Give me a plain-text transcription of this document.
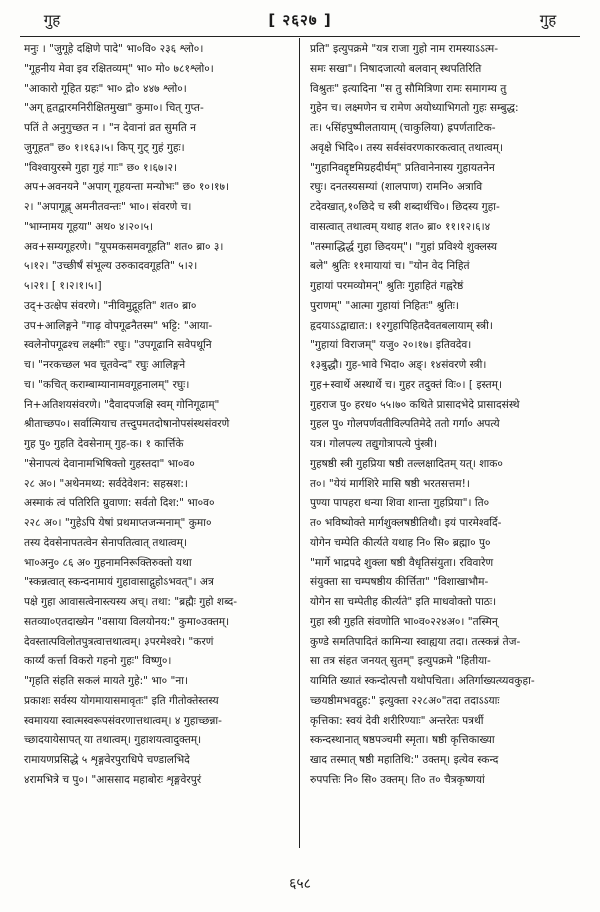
गुह	[ २६२७ ]	गुह
मनुः । "जुगूहे दक्षिणे पादे" भा०वि० २३६ श्लो०।
"गूहनीय मेवा इव रक्षितव्यम्" भा० मो० ७८१श्लो०।
"आकारो गूहित ग्रहः" भा० द्रो० ४४७ श्लो०।
"अग् हृतद्वारमनिरीक्षितमुखा" कुमा०। चित् गुप्त-
पतिं ते अनुगुच्छत न । "न देवानां व्रत सुमति न
जुगूहत" छ० १।१६३।५। किप् गुट् गुहं गुहः।
"विश्वायुरस्मे गुहा गुहं गाः" छ० १।६७।२।
अप+अवनयने "अपाग् गूहयन्ता मन्योभः" छ० १०।१७।
२। "अपागूह्न् अमनीतवन्तः" भा०। संवरणे च।
"भाग्नामय गूहया" अथ० ४।२०।५।
अव+सम्यगूहरणे। "यूपमकसमवगूहति" शत० ब्रा० ३।
५।१२। "उच्छीर्षं संभूल्य उरुकादवगूहति" ५।२।
५।२१। [ १।२।१।५।]
उद्+उत्क्षेप संवरणे। "नीविमुद्गूहति" शत० ब्रा०
उप+आलिङ्गने "गाढ़ वोपगूढनैतस्म" भट्टि: "आया-
स्वलेनोपगूढश्च लक्ष्मीः" रघुः। "उपगूढानि सवेपथूनि
च। "नरकच्छल भव चूतवेन्द" रघुः आलिङ्गने
च। "कचित् कराम्बाम्यानामवगूहनालम्" रघुः।
नि+अतिशयसंवरणे। "दैवादपजक्षि स्वम् गोनिगूढाम्"
श्रीताच्छप०। सर्वात्मियाच तत्त्दुपमतदोषानोपसंस्थसंवरणे
गुह पु० गुहति देवसेनाम् गुह-क। १ कार्त्तिके
"सेनापत्यं देवानामभिषिक्तो गुहस्तदा" भा०व०
२८ अ०। "अथेनमथ्य: सर्वदेवेशन: सहस्रश:।
अस्माकं त्वं पतिरिति ग्रुवाणा: सर्वतो दिश:" भा०व०
२२८ अ०। "गुहेऽपि येषां प्रथमाप्तजन्मनाम्" कुमा०
तस्य देवसेनापतत्वेन सेनापतित्वात् तथात्वम्।
भा०अनु० ८६ अ० गुहनामनिरूक्तिरुक्तो यथा
"स्कन्नत्वात् स्कन्दनामायं गुहावासाद्गुहोऽभवत्"। अत्र
पक्षे गुहा आवासत्वेनास्त्यस्य अच्। तथा: "ब्रह्मैः गुहो शब्द-
सतव्या०एतदाख्येन "वसाया विलयोनय:" कुमा०उक्तम्।
देवस्तात्पविलोतपुत्रत्वात्तथात्वम्। ३परमेश्वरे। "करणं
कार्य्यं कर्त्ता विकरो गहनो गुहः" विष्णु०।
"गृहति संहति सकलं मायते गुहे:" भा० "ना।
प्रकाशः सर्वस्य योगमायासमावृतः" इति गीतोक्तेस्तस्य
स्वमायया स्वात्मस्वरूपसंवरणात्तथात्वम्। ४ गुहाच्छन्ना-
च्छादयायेसापत् या तथात्वम्। गुहाशयत्वादुक्तम्।
रामायणप्रसिद्धे ५ शृङ्गवेरपुराधिपे चण्डालभिदे
४रामभित्रे च पु०। "आससाद महाबोरः शृङ्गवेरपुरं
प्रति" इत्युपक्रमे "यत्र राजा गुहो नाम रामस्याऽऽत्म-
समः सखा"। निषादजात्यो बलवान् स्थपतिरिति
विश्रुतः" इत्यादिना "स तु सौमित्रिणा रामः समागम्य तु
गुहेन च। लक्ष्मणेन च रामेण अयोध्याभिगतो गुहः सम्बुद्ध:
तः। ५सिंहपुष्पीलतायाम् (चाकुलिया) ह्रपर्णताटिक-
अवृक्षे भिदि०। तस्य सर्वसंवरणकारकत्वात् तथात्वम्।
"गुहानिवद्दृष्टमिग्रहदीर्घम्" प्रतिवानेनास्य गुहायतनेन
रघुः। दनतस्यसम्यां (शालपाण) रामनि० अत्रावि
टदेवखात्,१०छिदे च स्त्री शब्दार्थचि०। छिदस्य गुहा-
वासत्वात् तथात्वम् यथाह शत० ब्रा० ११।१२।६।४
"तस्माद्धिर्द्ध गुहा छिदयम्"। "गुहां प्रविश्ये शुक्लस्य
बले" श्रुतिः ११मायायां च। "योन वेद निहितं
गुहायां परमव्योमन्" श्रुतिः गुहाहितं गह्वरेष्ठं
पुराणम्" "आत्मा गुहायां निहितः" श्रुतिः।
हृदयाऽऽद्वाद्यात:। १२गुहापिहितदैवतबलायाम् स्त्री।
"गुहायां विराजम्" यजु० २०।१७। इतिवदेव।
१३बुद्धौ। गुह-भावे भिदा० अङ्। १४संवरणे स्त्री।
गुह+स्वार्थे अस्थार्थे च। गुहर तदुक्तं विः०। [ इस्तम्।
गुहराज पु० हरध० ५५।७० कथिते प्रासादभेदे प्रासादसंस्थे
गुहल पु० गोलपर्णवतीविल्पतिमेदे ततो गर्गा० अपत्ये
यत्र। गोलपल्य तद्युगोत्रापत्ये पुंस्त्री।
गुहषष्ठी स्त्री गुहप्रिया षष्ठी तल्लक्षादितम् यत्। शाक०
त०। "येयं मार्गशिरे मासि षष्ठी भरतसत्तम!।
पुण्या पापहरा धन्या शिवा शान्ता गुहप्रिया"। ति०
त० भविष्योक्ते मार्गशुक्लषष्ठीतिथौ। इयं पारमेश्वर्दि-
योगेन चम्पेति कीर्त्यते यथाह नि० सि० ब्रह्मा० पु०
"मार्गे भाद्रपदे शुक्ला षष्ठी वैधृतिसंयुता। रविवारेण
संयुक्ता सा चम्पषष्ठीय कीर्त्तिता" "विशाखाभौम-
योगेन सा चम्पेतीह कीर्त्यते" इति माधवोक्तो पाठः।
गुहा स्त्री गुहति संवणोति भा०व०२२४अ०। "तस्मिन्
कुण्डे समतिपादितं कामिन्या स्वाह्यया तदा। तत्स्कन्नं तेज-
सा तत्र संहत जनयत् सुतम्" इत्युपक्रमे "हितीया-
यामिति ख्यातं स्कन्दोत्पत्तौ यथोपचिता। अतिर्गाख्यत्य्यवकुहा-
च्छयष्ठीमभवद्गुह:" इत्युक्ता २२८अ०"तदा तदाऽऽयाः
कृत्तिका: स्वयं देवी शरीरिण्याः" अन्तरेतः पत्रर्थी
स्कन्दस्थानात् षष्ठपञ्चमी स्मृता। षष्ठी कृत्तिकाख्या
खाद तस्मात् षष्ठी महातिथि:" उक्तम्। इत्येव स्कन्द
रुपपत्तिः नि० सि० उक्तम्। ति० त० चैत्रकृष्णयां
६५८
